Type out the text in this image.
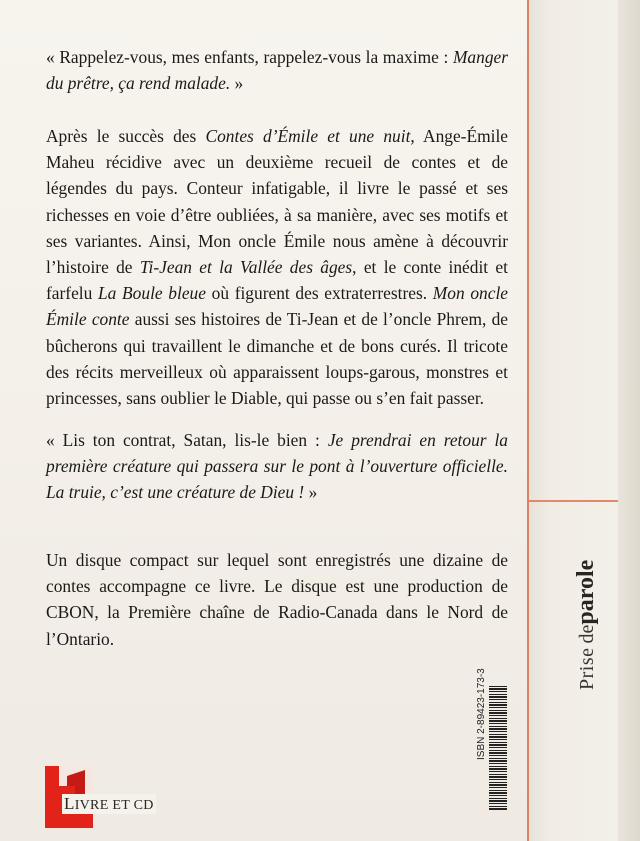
« Rappelez-vous, mes enfants, rappelez-vous la maxime : Manger du prêtre, ça rend malade. »

Après le succès des Contes d’Émile et une nuit, Ange-Émile Maheu récidive avec un deuxième recueil de contes et de légendes du pays. Conteur infatigable, il livre le passé et ses richesses en voie d’être oubliées, à sa manière, avec ses motifs et ses variantes. Ainsi, Mon oncle Émile nous amène à découvrir l’histoire de Ti-Jean et la Vallée des âges, et le conte inédit et farfelu La Boule bleue où figurent des extraterrestres. Mon oncle Émile conte aussi ses histoires de Ti-Jean et de l’oncle Phrem, de bûcherons qui travaillent le dimanche et de bons curés. Il tricote des récits merveilleux où apparaissent loups-garous, monstres et princesses, sans oublier le Diable, qui passe ou s’en fait passer.

« Lis ton contrat, Satan, lis-le bien : Je prendrai en retour la première créature qui passera sur le pont à l’ouverture officielle. La truie, c’est une créature de Dieu ! »

Un disque compact sur lequel sont enregistrés une dizaine de contes accompagne ce livre. Le disque est une production de CBON, la Première chaîne de Radio-Canada dans le Nord de l’Ontario.

LIVRE ET CD
ISBN 2-89423-173-3	Prise deparole
